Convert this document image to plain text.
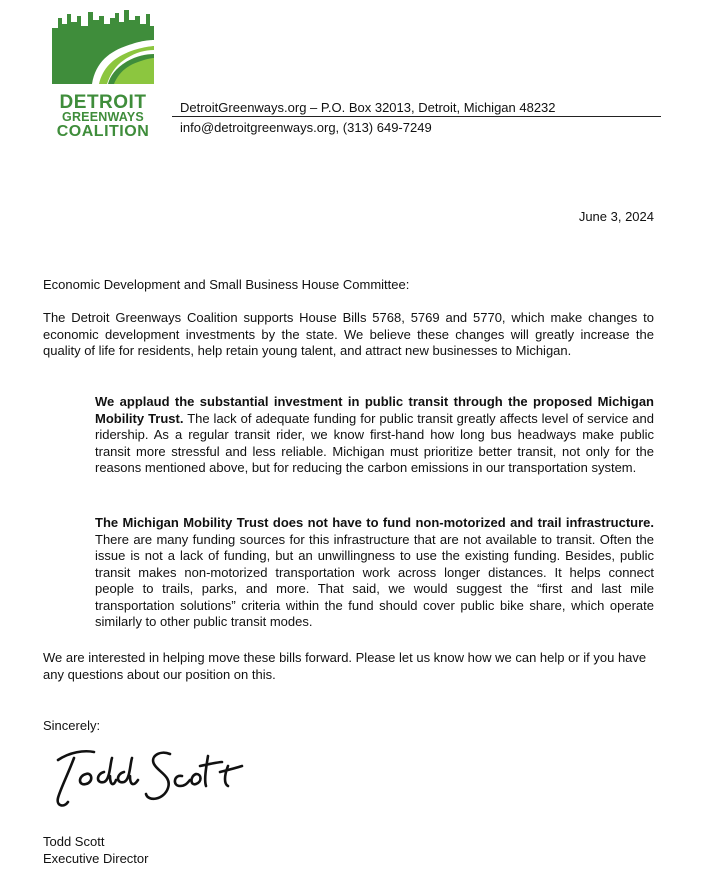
DETROIT
GREENWAYS
COALITION
DetroitGreenways.org – P.O. Box 32013, Detroit, Michigan 48232
info@detroitgreenways.org, (313) 649-7249
June 3, 2024
Economic Development and Small Business House Committee:
The Detroit Greenways Coalition supports House Bills 5768, 5769 and 5770, which make changes to economic development investments by the state. We believe these changes will greatly increase the quality of life for residents, help retain young talent, and attract new businesses to Michigan.
We applaud the substantial investment in public transit through the proposed Michigan Mobility Trust. The lack of adequate funding for public transit greatly affects level of service and ridership. As a regular transit rider, we know first-hand how long bus headways make public transit more stressful and less reliable. Michigan must prioritize better transit, not only for the reasons mentioned above, but for reducing the carbon emissions in our transportation system.
The Michigan Mobility Trust does not have to fund non-motorized and trail infrastructure. There are many funding sources for this infrastructure that are not available to transit. Often the issue is not a lack of funding, but an unwillingness to use the existing funding. Besides, public transit makes non-motorized transportation work across longer distances. It helps connect people to trails, parks, and more. That said, we would suggest the “first and last mile transportation solutions” criteria within the fund should cover public bike share, which operate similarly to other public transit modes.
We are interested in helping move these bills forward. Please let us know how we can help or if you have any questions about our position on this.
Sincerely:
Todd Scott
Executive Director
